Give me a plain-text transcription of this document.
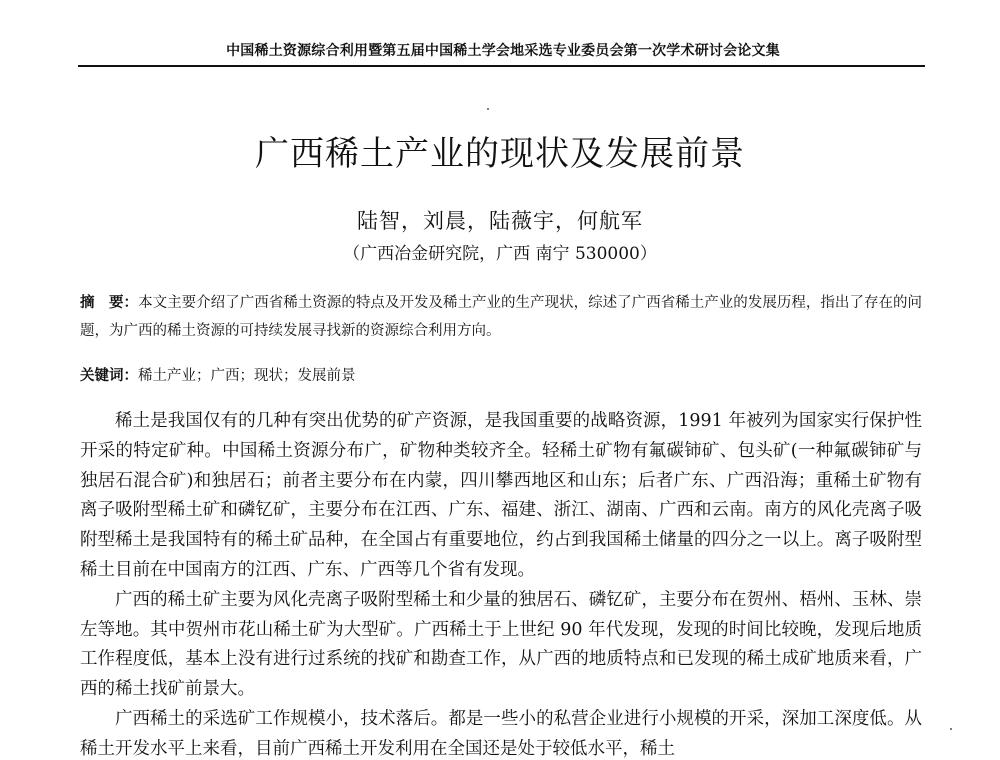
中国稀土资源综合利用暨第五届中国稀土学会地采选专业委员会第一次学术研讨会论文集
广西稀土产业的现状及发展前景
陆智，刘晨，陆薇宇，何航军
（广西冶金研究院，广西 南宁 530000）
摘　要：本文主要介绍了广西省稀土资源的特点及开发及稀土产业的生产现状，综述了广西省稀土产业的发展历程，指出了存在的问题，为广西的稀土资源的可持续发展寻找新的资源综合利用方向。
关键词：稀土产业；广西；现状；发展前景

稀土是我国仅有的几种有突出优势的矿产资源，是我国重要的战略资源，1991 年被列为国家实行保护性开采的特定矿种。中国稀土资源分布广，矿物种类较齐全。轻稀土矿物有氟碳铈矿、包头矿(一种氟碳铈矿与独居石混合矿)和独居石；前者主要分布在内蒙，四川攀西地区和山东；后者广东、广西沿海；重稀土矿物有离子吸附型稀土矿和磷钇矿，主要分布在江西、广东、福建、浙江、湖南、广西和云南。南方的风化壳离子吸附型稀土是我国特有的稀土矿品种，在全国占有重要地位，约占到我国稀土储量的四分之一以上。离子吸附型稀土目前在中国南方的江西、广东、广西等几个省有发现。

广西的稀土矿主要为风化壳离子吸附型稀土和少量的独居石、磷钇矿，主要分布在贺州、梧州、玉林、崇左等地。其中贺州市花山稀土矿为大型矿。广西稀土于上世纪 90 年代发现，发现的时间比较晚，发现后地质工作程度低，基本上没有进行过系统的找矿和勘查工作，从广西的地质特点和已发现的稀土成矿地质来看，广西的稀土找矿前景大。

广西稀土的采选矿工作规模小，技术落后。都是一些小的私营企业进行小规模的开采，深加工深度低。从稀土开发水平上来看，目前广西稀土开发利用在全国还是处于较低水平，稀土
